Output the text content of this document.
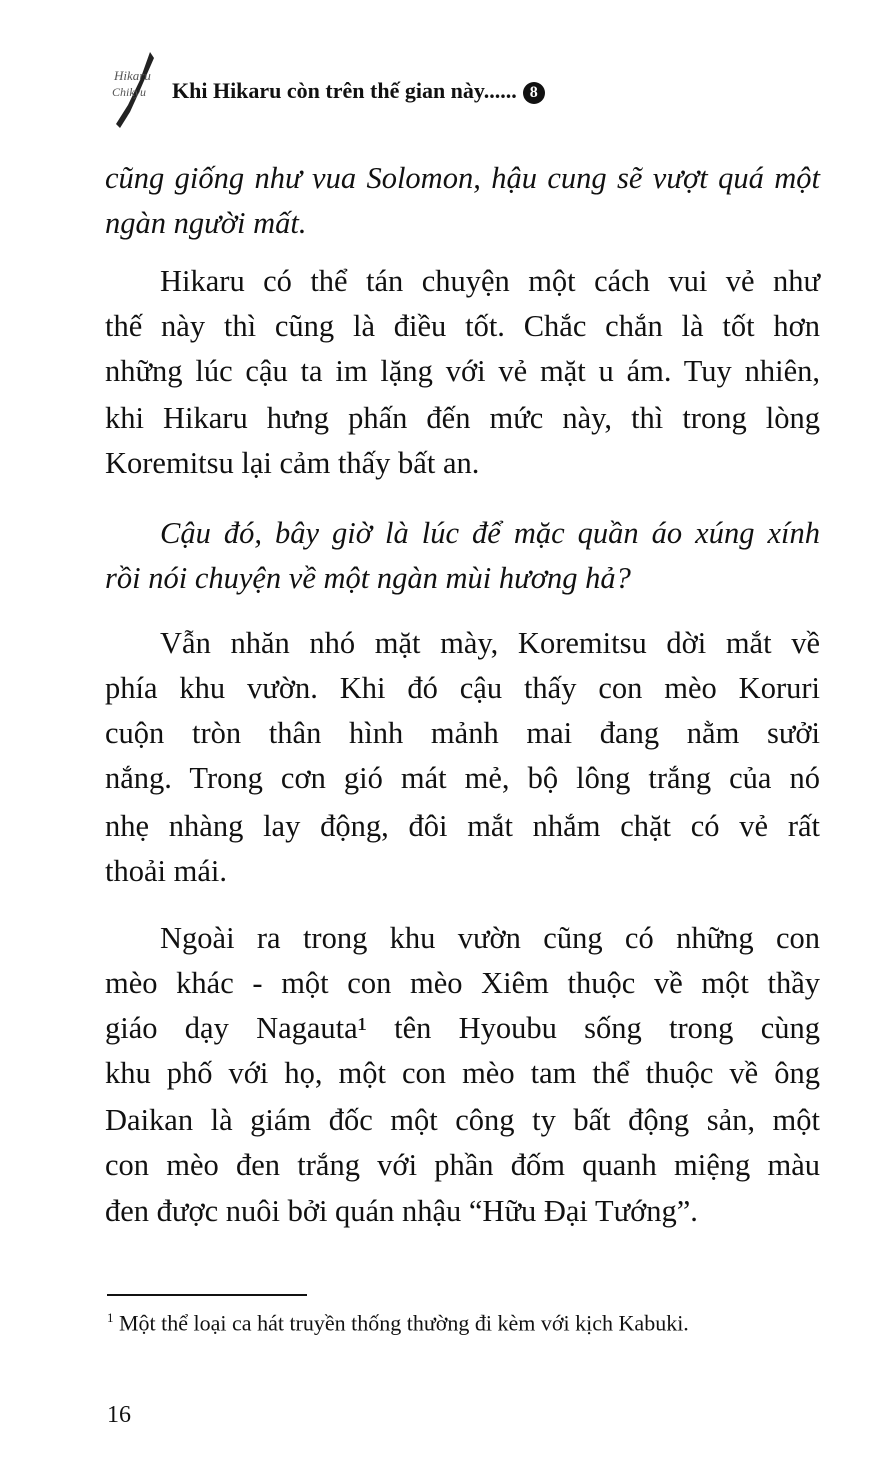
Hikaru
Chikyu Khi Hikaru còn trên thế gian này...... 8
cũng giống như vua Solomon, hậu cung sẽ vượt quá một
ngàn người mất.
Hikaru có thể tán chuyện một cách vui vẻ như
thế này thì cũng là điều tốt. Chắc chắn là tốt hơn
những lúc cậu ta im lặng với vẻ mặt u ám. Tuy nhiên,
khi Hikaru hưng phấn đến mức này, thì trong lòng
Koremitsu lại cảm thấy bất an.
Cậu đó, bây giờ là lúc để mặc quần áo xúng xính
rồi nói chuyện về một ngàn mùi hương hả?
Vẫn nhăn nhó mặt mày, Koremitsu dời mắt về
phía khu vườn. Khi đó cậu thấy con mèo Koruri
cuộn tròn thân hình mảnh mai đang nằm sưởi
nắng. Trong cơn gió mát mẻ, bộ lông trắng của nó
nhẹ nhàng lay động, đôi mắt nhắm chặt có vẻ rất
thoải mái.
Ngoài ra trong khu vườn cũng có những con
mèo khác - một con mèo Xiêm thuộc về một thầy
giáo dạy Nagauta¹ tên Hyoubu sống trong cùng
khu phố với họ, một con mèo tam thể thuộc về ông
Daikan là giám đốc một công ty bất động sản, một
con mèo đen trắng với phần đốm quanh miệng màu
đen được nuôi bởi quán nhậu “Hữu Đại Tướng”.
$^1$ Một thể loại ca hát truyền thống thường đi kèm với kịch Kabuki.
16
